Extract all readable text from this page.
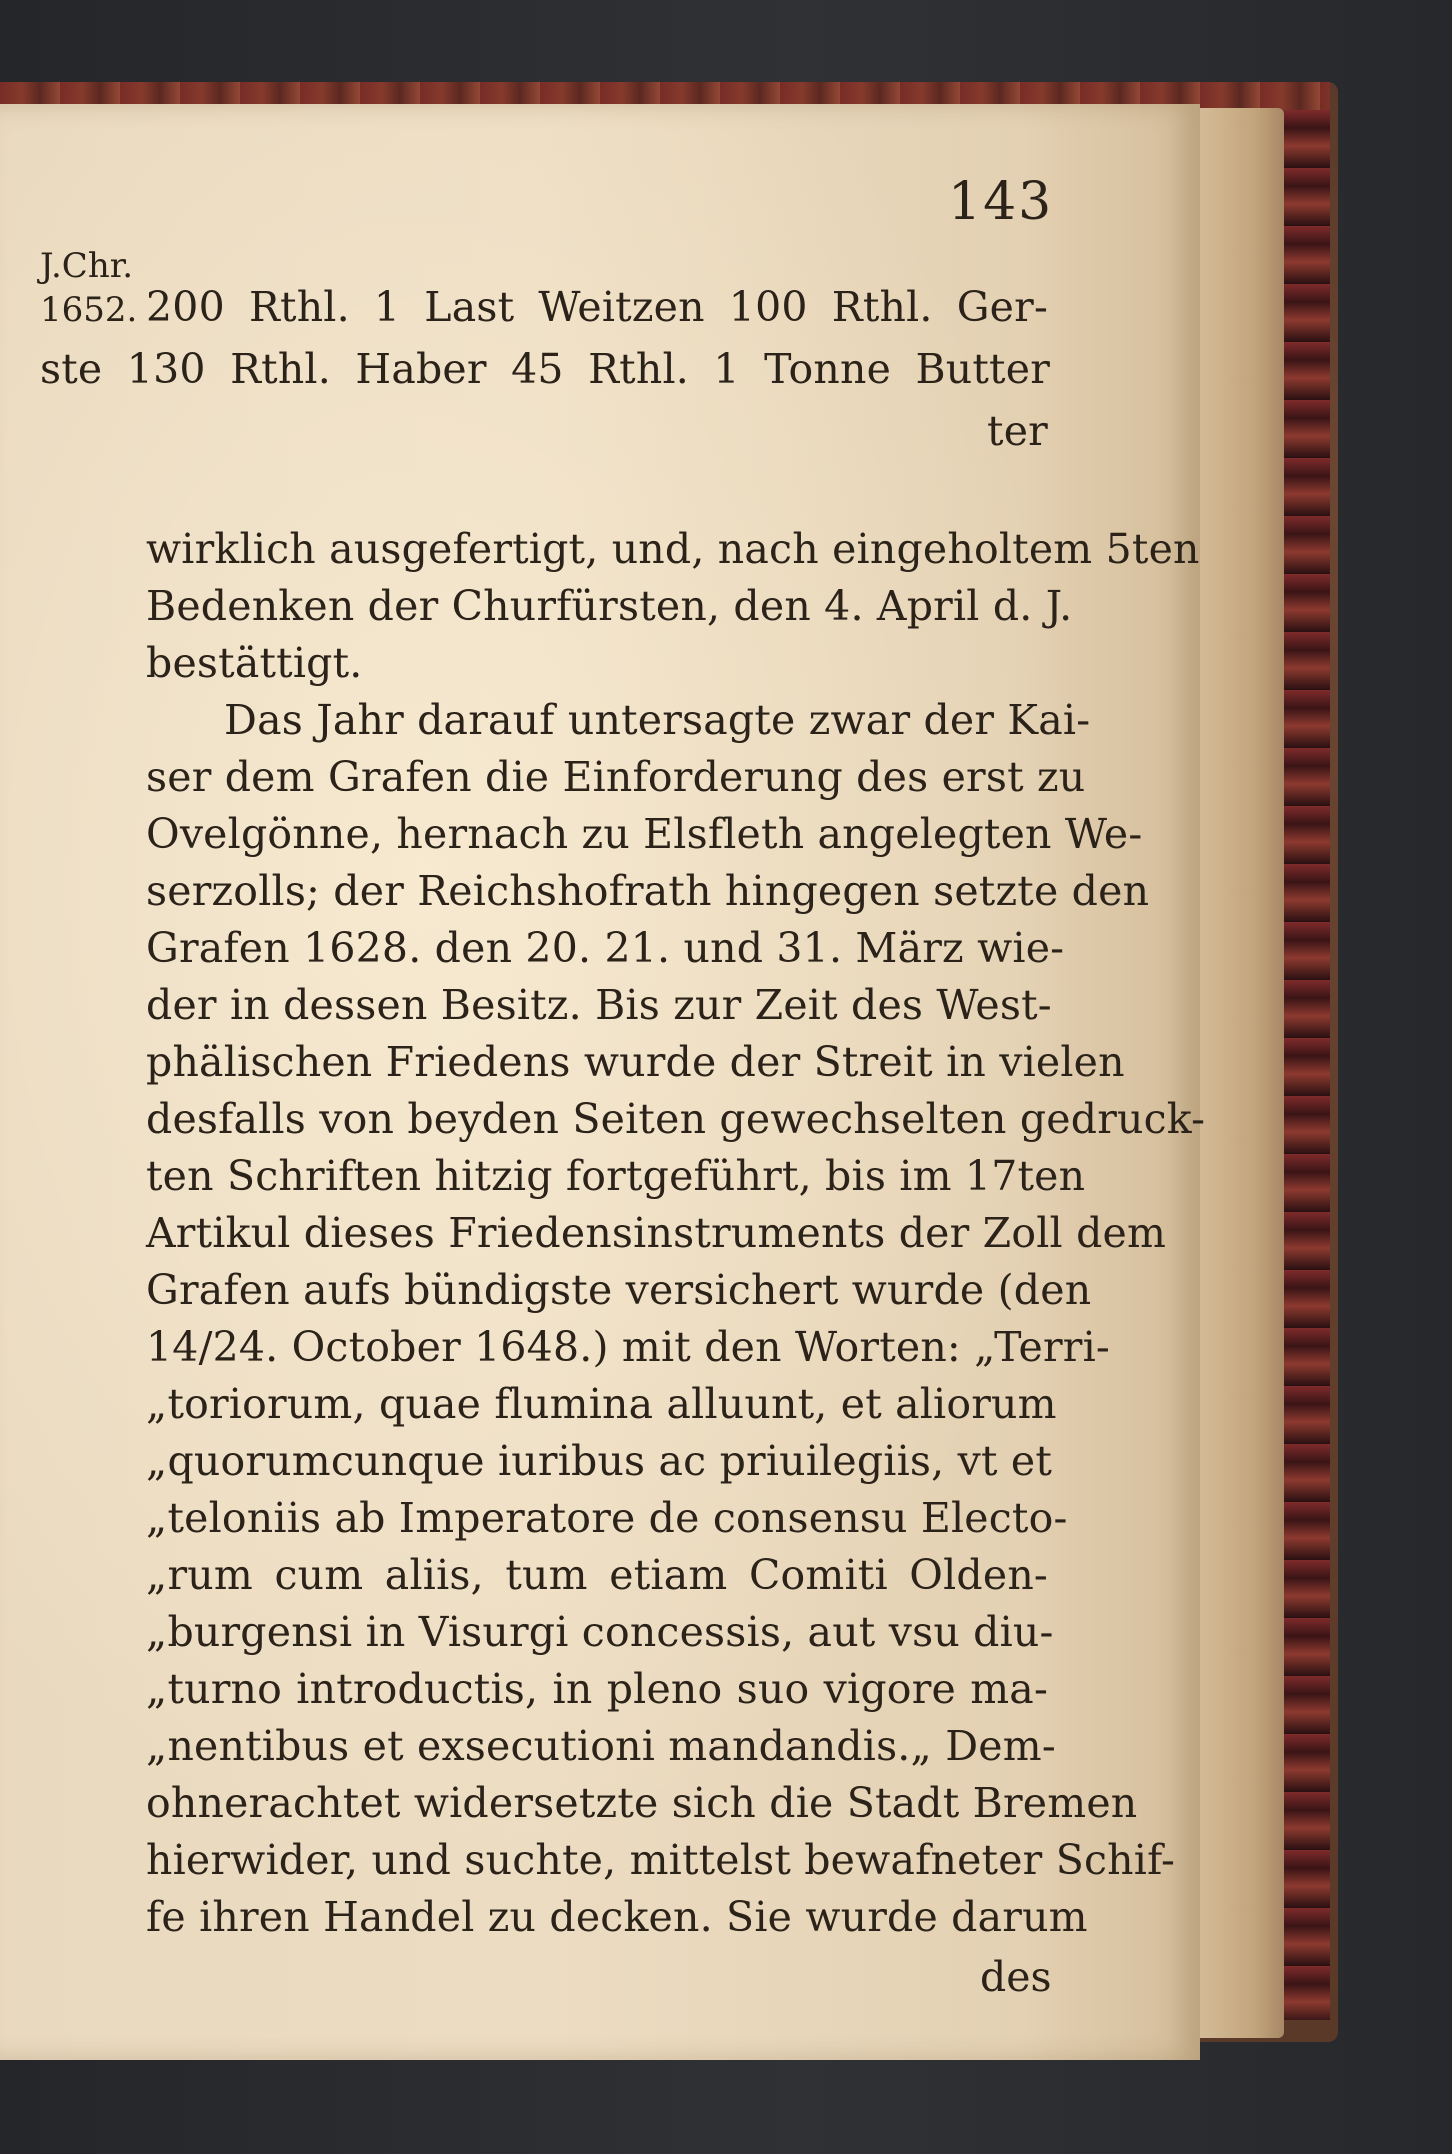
143
J.Chr.
1652. 200 Rthl. 1 Last Weitzen 100 Rthl. Ger-
ste 130 Rthl. Haber 45 Rthl. 1 Tonne Butter
ter
wirklich ausgefertigt, und, nach eingeholtem 5ten
Bedenken der Churfürsten, den 4. April d. J.
bestättigt.
Das Jahr darauf untersagte zwar der Kai-
ser dem Grafen die Einforderung des erst zu
Ovelgönne, hernach zu Elsfleth angelegten We-
serzolls; der Reichshofrath hingegen setzte den
Grafen 1628. den 20. 21. und 31. März wie-
der in dessen Besitz. Bis zur Zeit des West-
phälischen Friedens wurde der Streit in vielen
desfalls von beyden Seiten gewechselten gedruck-
ten Schriften hitzig fortgeführt, bis im 17ten
Artikul dieses Friedensinstruments der Zoll dem
Grafen aufs bündigste versichert wurde (den
14/24. October 1648.) mit den Worten: „Terri-
„toriorum, quae flumina alluunt, et aliorum
„quorumcunque iuribus ac priuilegiis, vt et
„teloniis ab Imperatore de consensu Electo-
„rum cum aliis, tum etiam Comiti Olden-
„burgensi in Visurgi concessis, aut vsu diu-
„turno introductis, in pleno suo vigore ma-
„nentibus et exsecutioni mandandis.„ Dem-
ohnerachtet widersetzte sich die Stadt Bremen
hierwider, und suchte, mittelst bewafneter Schif-
fe ihren Handel zu decken. Sie wurde darum
des
